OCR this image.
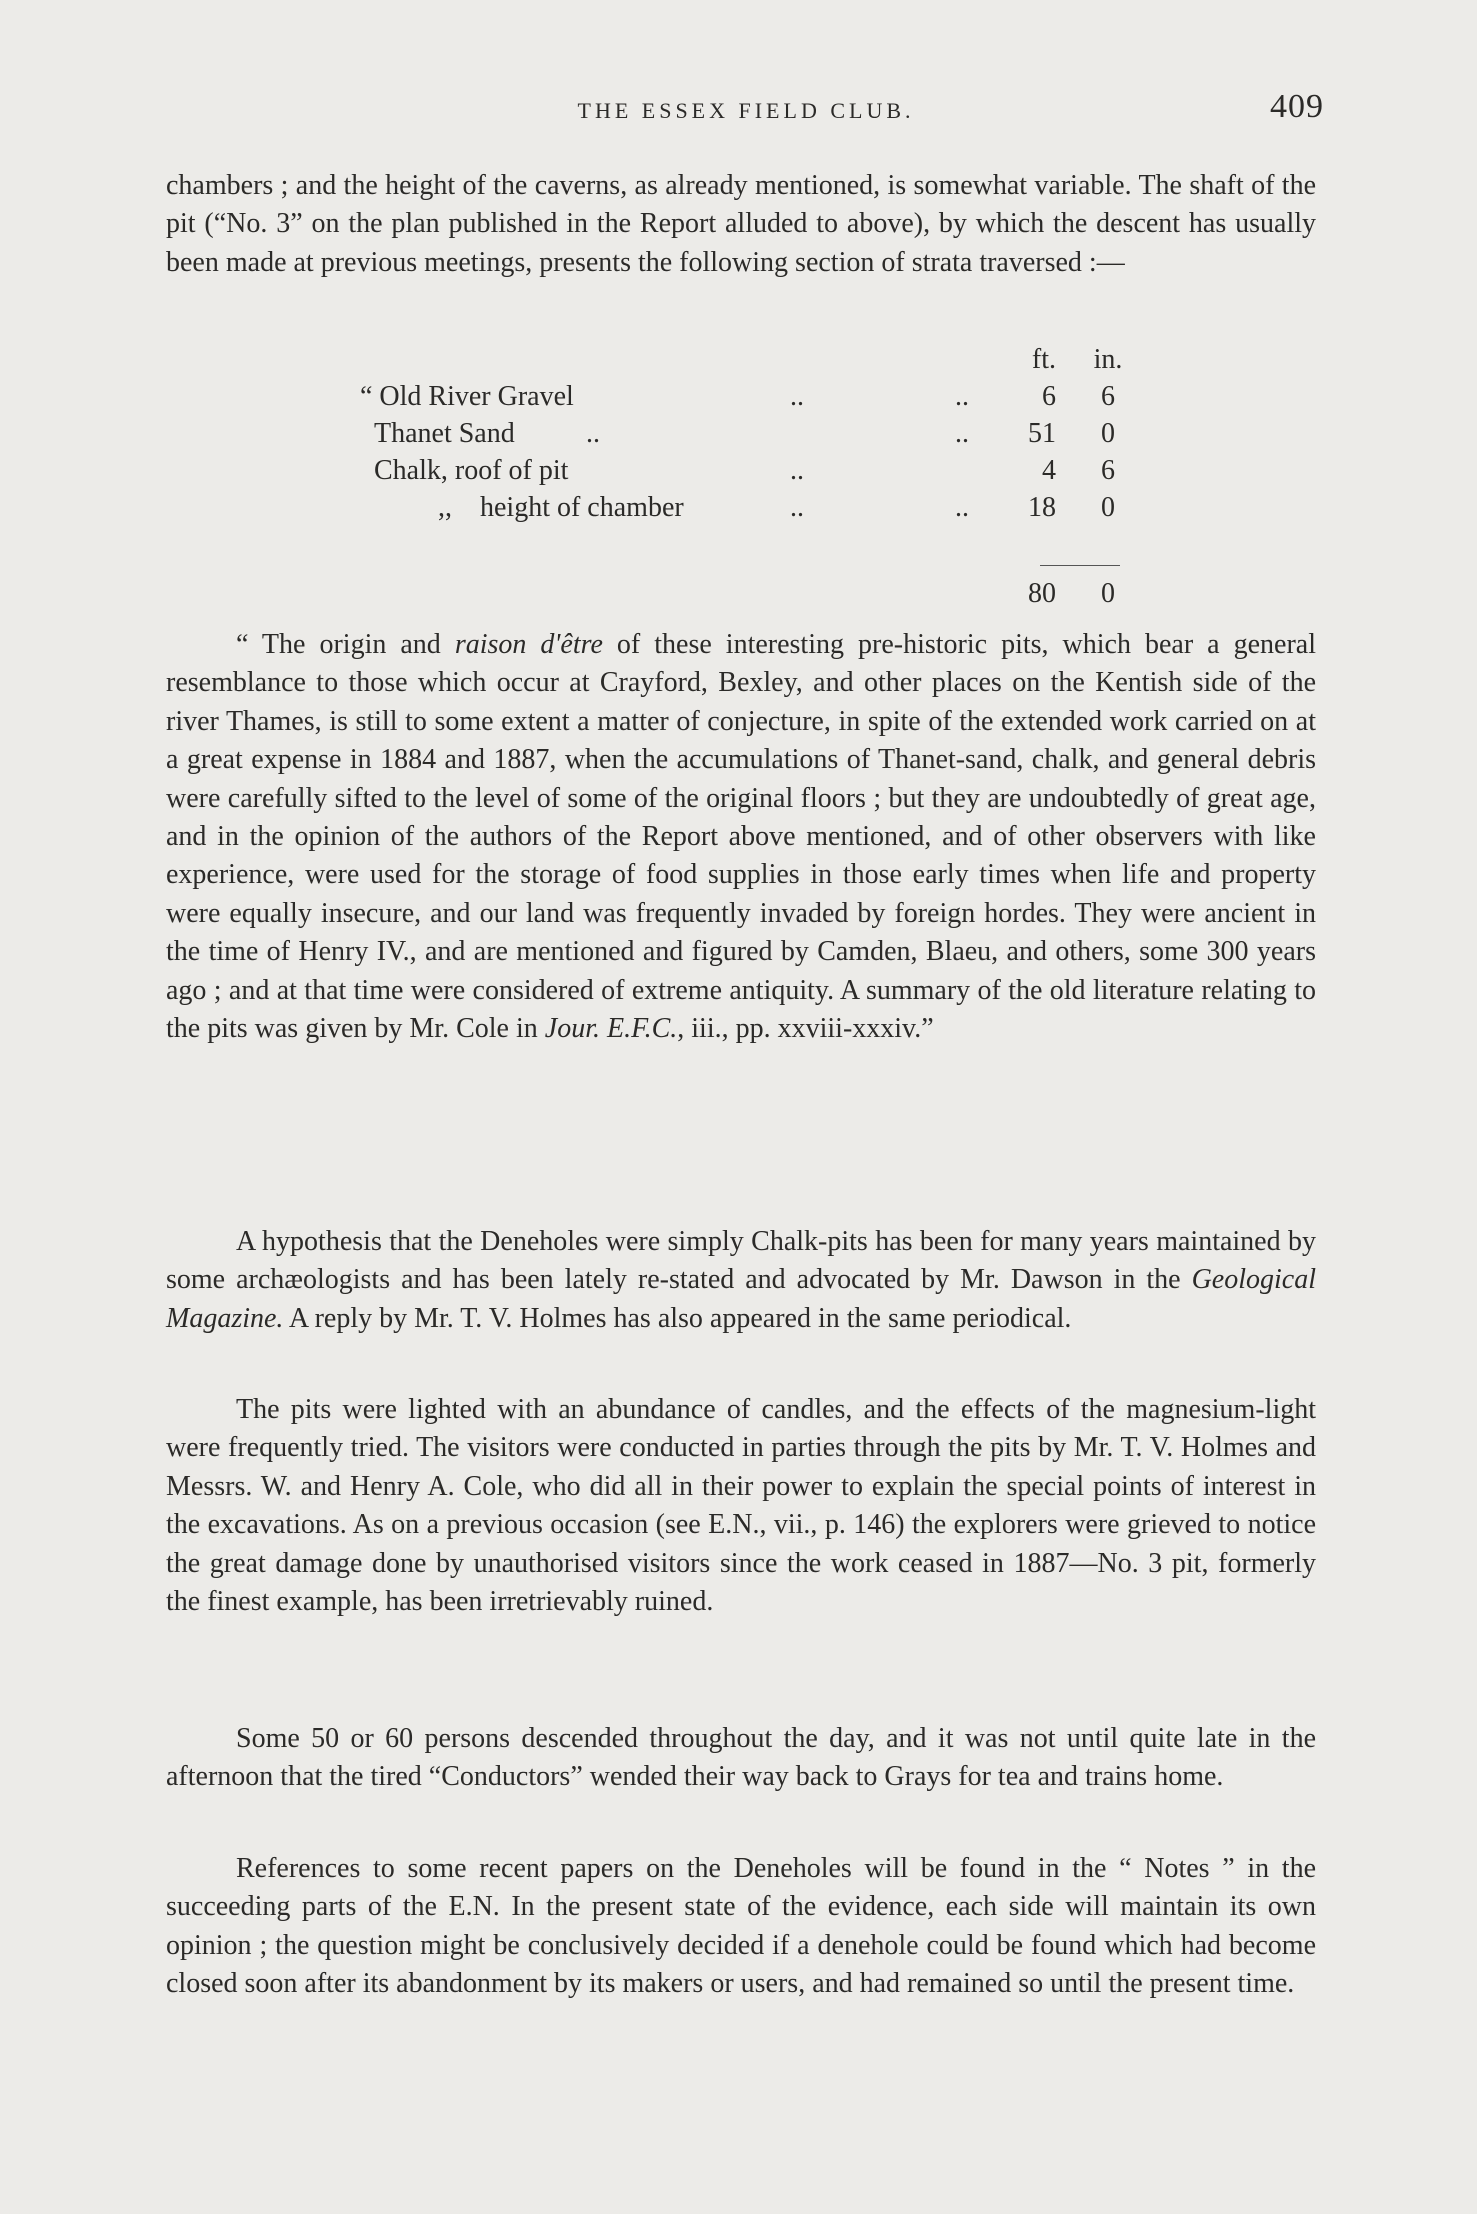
THE ESSEX FIELD CLUB.	409

chambers ; and the height of the caverns, as already mentioned, is somewhat variable. The shaft of the pit (“No. 3” on the plan published in the Report alluded to above), by which the descent has usually been made at previous meetings, presents the following section of strata traversed :—

ft. in.
“ Old River Gravel	..	..	6	6
Thanet Sand	..	..	51	0
Chalk, roof of pit	..	4	6
,,    height of chamber	..	..	18	0
80	0

“ The origin and raison d'être of these interesting pre-historic pits, which bear a general resemblance to those which occur at Crayford, Bexley, and other places on the Kentish side of the river Thames, is still to some extent a matter of conjecture, in spite of the extended work carried on at a great expense in 1884 and 1887, when the accumulations of Thanet-sand, chalk, and general debris were carefully sifted to the level of some of the original floors ; but they are undoubtedly of great age, and in the opinion of the authors of the Report above mentioned, and of other observers with like experience, were used for the storage of food supplies in those early times when life and property were equally insecure, and our land was frequently invaded by foreign hordes. They were ancient in the time of Henry IV., and are mentioned and figured by Camden, Blaeu, and others, some 300 years ago ; and at that time were considered of extreme antiquity. A summary of the old literature relating to the pits was given by Mr. Cole in Jour. E.F.C., iii., pp. xxviii-xxxiv.”

A hypothesis that the Deneholes were simply Chalk-pits has been for many years maintained by some archæologists and has been lately re-stated and advocated by Mr. Dawson in the Geological Magazine. A reply by Mr. T. V. Holmes has also appeared in the same periodical.

The pits were lighted with an abundance of candles, and the effects of the magnesium-light were frequently tried. The visitors were conducted in parties through the pits by Mr. T. V. Holmes and Messrs. W. and Henry A. Cole, who did all in their power to explain the special points of interest in the excavations. As on a previous occasion (see E.N., vii., p. 146) the explorers were grieved to notice the great damage done by unauthorised visitors since the work ceased in 1887—No. 3 pit, formerly the finest example, has been irretrievably ruined.

Some 50 or 60 persons descended throughout the day, and it was not until quite late in the afternoon that the tired “Conductors” wended their way back to Grays for tea and trains home.

References to some recent papers on the Deneholes will be found in the “ Notes ” in the succeeding parts of the E.N. In the present state of the evidence, each side will maintain its own opinion ; the question might be conclusively decided if a denehole could be found which had become closed soon after its abandonment by its makers or users, and had remained so until the present time.
